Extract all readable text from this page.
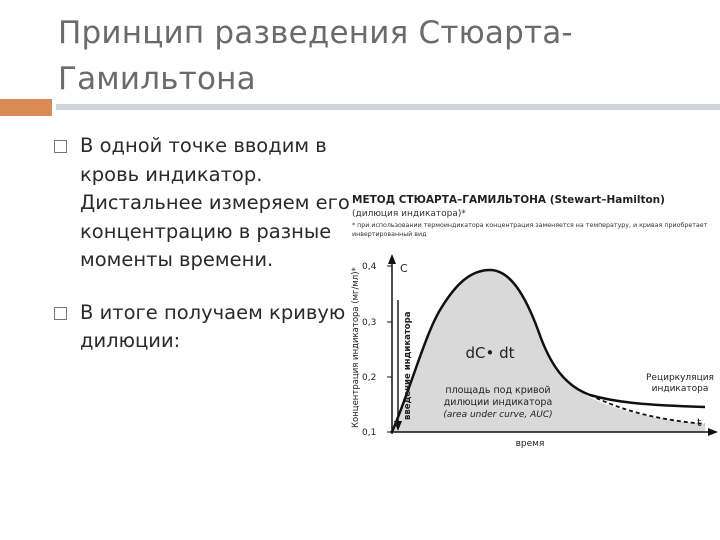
Принцип разведения Стюарта-Гамильтона
В одной точке вводим в кровь индикатор. Дистальнее измеряем его концентрацию в разные моменты времени.
В итоге получаем кривую дилюции:
МЕТОД СТЮАРТА–ГАМИЛЬТОНА (Stewart–Hamilton)
(дилюция индикатора)*
* при использовании термоиндикатора концентрация заменяется на температуру, и кривая приобретает инвертированный вид
0,4
0,3
0,2
0,1
C
t
время
Концентрация индикатора (мг/мл)*	введение индикатора	dC• dt
площадь под кривой
дилюции индикатора
(area under curve, AUC)
Рециркуляция
индикатора
